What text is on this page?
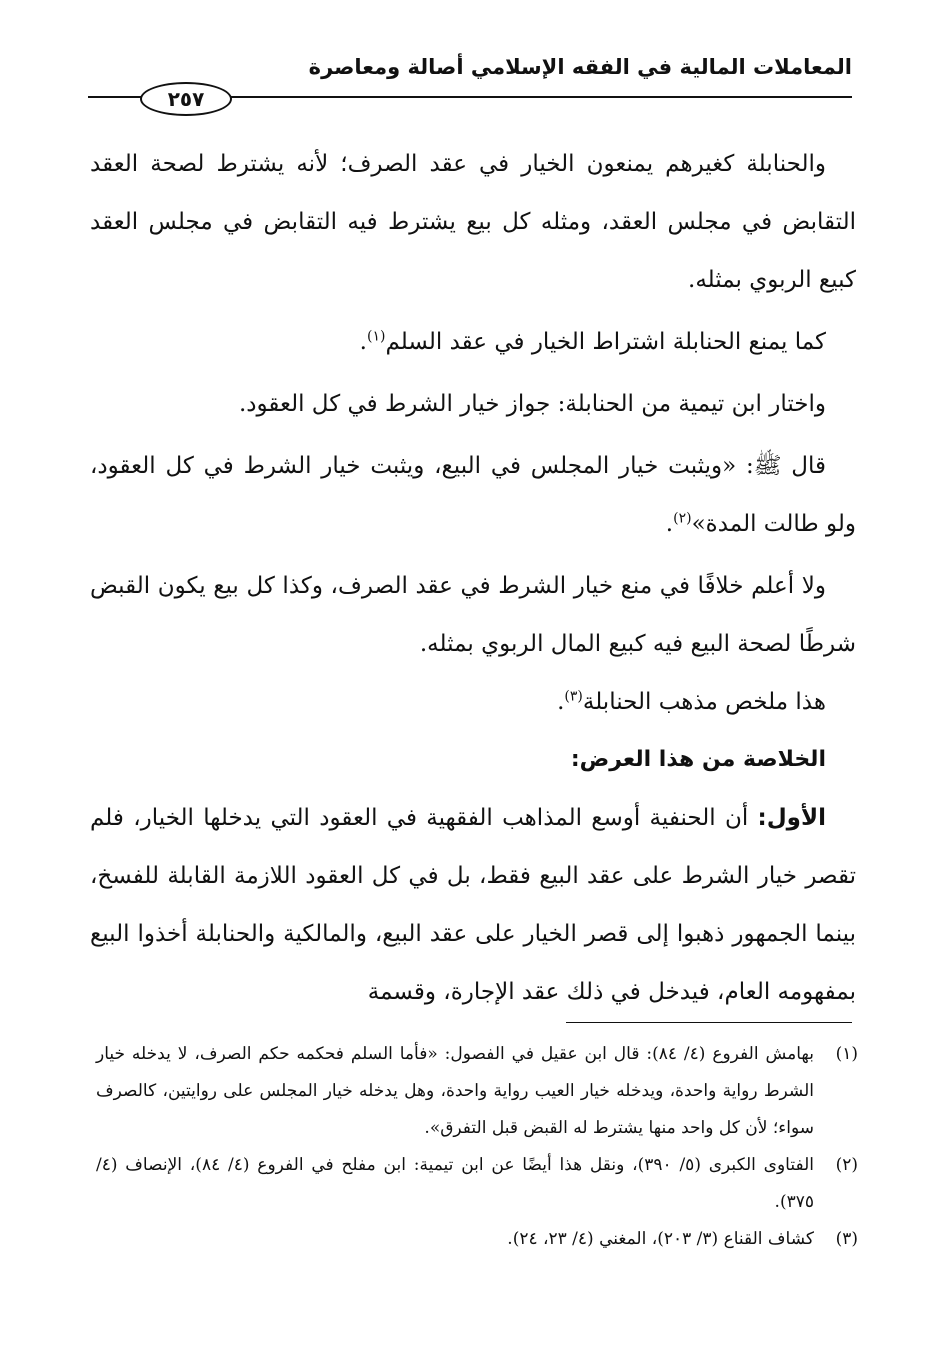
المعاملات المالية في الفقه الإسلامي أصالة ومعاصرة
٢٥٧

والحنابلة كغيرهم يمنعون الخيار في عقد الصرف؛ لأنه يشترط لصحة العقد التقابض في مجلس العقد، ومثله كل بيع يشترط فيه التقابض في مجلس العقد كبيع الربوي بمثله.

كما يمنع الحنابلة اشتراط الخيار في عقد السلم$^{(١)}$.

واختار ابن تيمية من الحنابلة: جواز خيار الشرط في كل العقود.

قال ﷺ: «ويثبت خيار المجلس في البيع، ويثبت خيار الشرط في كل العقود، ولو طالت المدة»$^{(٢)}$.

ولا أعلم خلافًا في منع خيار الشرط في عقد الصرف، وكذا كل بيع يكون القبض شرطًا لصحة البيع فيه كبيع المال الربوي بمثله.

هذا ملخص مذهب الحنابلة$^{(٣)}$.

الخلاصة من هذا العرض:

الأول: أن الحنفية أوسع المذاهب الفقهية في العقود التي يدخلها الخيار، فلم تقصر خيار الشرط على عقد البيع فقط، بل في كل العقود اللازمة القابلة للفسخ، بينما الجمهور ذهبوا إلى قصر الخيار على عقد البيع، والمالكية والحنابلة أخذوا البيع بمفهومه العام، فيدخل في ذلك عقد الإجارة، وقسمة

(١)
بهامش الفروع (٤/ ٨٤): قال ابن عقيل في الفصول: «فأما السلم فحكمه حكم الصرف، لا يدخله خيار الشرط رواية واحدة، ويدخله خيار العيب رواية واحدة، وهل يدخله خيار المجلس على روايتين، كالصرف سواء؛ لأن كل واحد منها يشترط له القبض قبل التفرق».

(٢)
الفتاوى الكبرى (٥/ ٣٩٠)، ونقل هذا أيضًا عن ابن تيمية: ابن مفلح في الفروع (٤/ ٨٤)، الإنصاف (٤/ ٣٧٥).

(٣)
كشاف القناع (٣/ ٢٠٣)، المغني (٤/ ٢٣، ٢٤).
